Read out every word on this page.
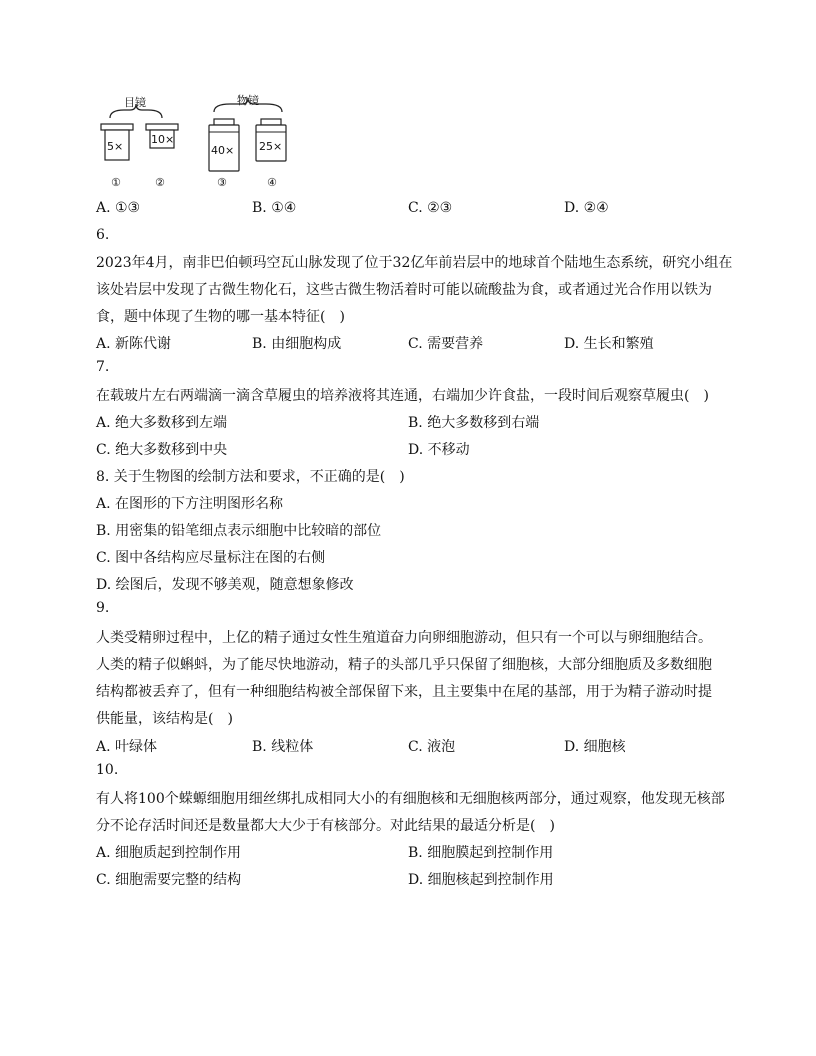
目镜	物镜
5×
①
10×
②
40×
③
25×
④
A. ①③	B. ①④	C. ②③	D. ②④
6.
2023年4月，南非巴伯顿玛空瓦山脉发现了位于32亿年前岩层中的地球首个陆地生态系统，研究小组在
该处岩层中发现了古微生物化石，这些古微生物活着时可能以硫酸盐为食，或者通过光合作用以铁为
食，题中体现了生物的哪一基本特征(　)
A. 新陈代谢	B. 由细胞构成	C. 需要营养	D. 生长和繁殖
7.
在载玻片左右两端滴一滴含草履虫的培养液将其连通，右端加少许食盐，一段时间后观察草履虫(　)
A. 绝大多数移到左端	B. 绝大多数移到右端
C. 绝大多数移到中央	D. 不移动
8. 关于生物图的绘制方法和要求，不正确的是(　)
A. 在图形的下方注明图形名称
B. 用密集的铅笔细点表示细胞中比较暗的部位
C. 图中各结构应尽量标注在图的右侧
D. 绘图后，发现不够美观，随意想象修改
9.
人类受精卵过程中，上亿的精子通过女性生殖道奋力向卵细胞游动，但只有一个可以与卵细胞结合。
人类的精子似蝌蚪，为了能尽快地游动，精子的头部几乎只保留了细胞核，大部分细胞质及多数细胞
结构都被丢弃了，但有一种细胞结构被全部保留下来，且主要集中在尾的基部，用于为精子游动时提
供能量，该结构是(　)
A. 叶绿体	B. 线粒体	C. 液泡	D. 细胞核
10.
有人将100个蝾螈细胞用细丝绑扎成相同大小的有细胞核和无细胞核两部分，通过观察，他发现无核部
分不论存活时间还是数量都大大少于有核部分。对此结果的最适分析是(　)
A. 细胞质起到控制作用	B. 细胞膜起到控制作用
C. 细胞需要完整的结构	D. 细胞核起到控制作用
